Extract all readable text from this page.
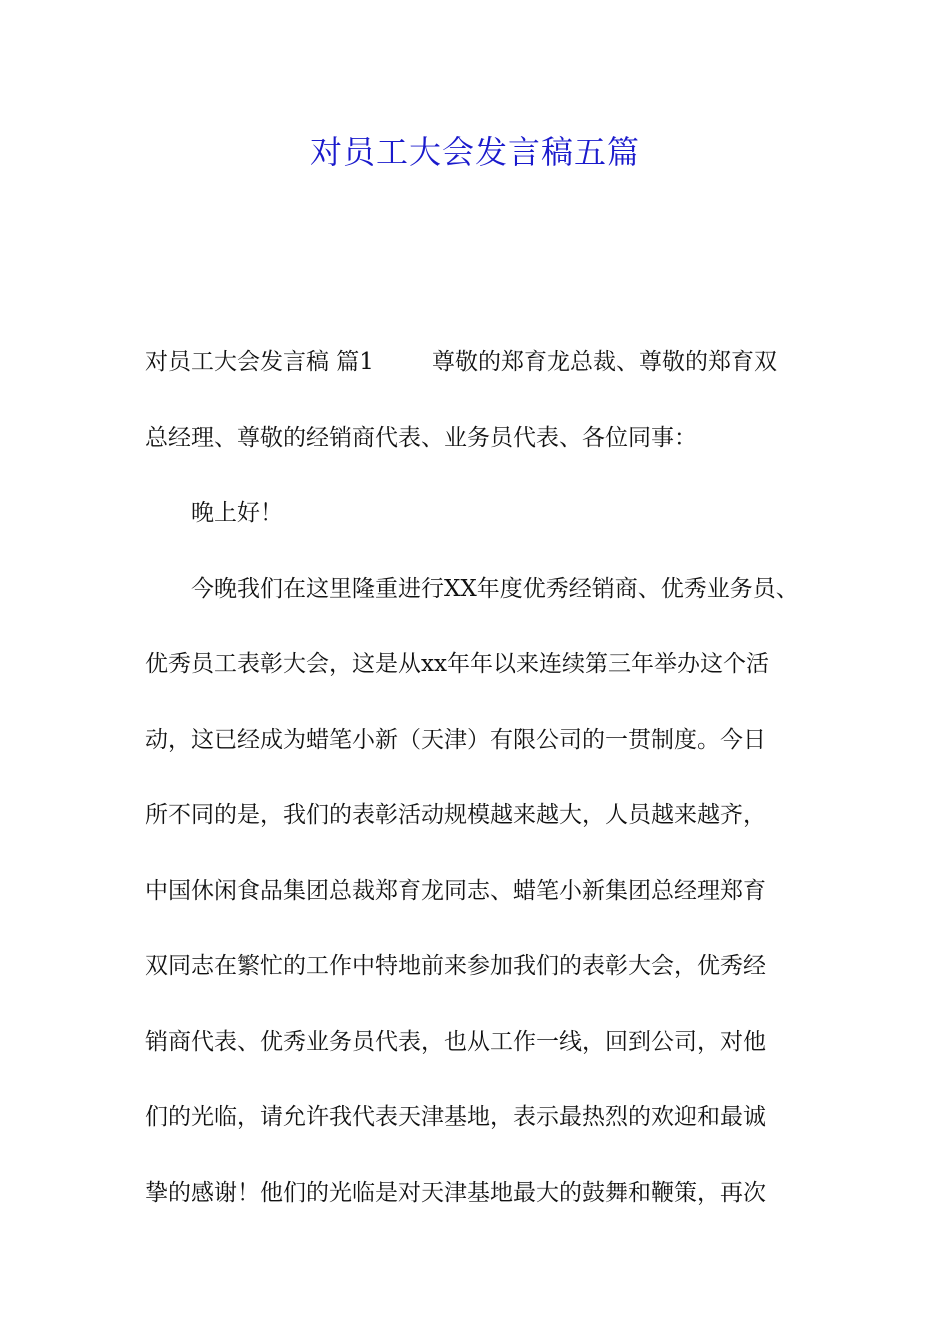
对员工大会发言稿五篇
对员工大会发言稿 篇1	尊敬的郑育龙总裁、尊敬的郑育双
总经理、尊敬的经销商代表、业务员代表、各位同事：
晚上好！
今晚我们在这里隆重进行XX年度优秀经销商、优秀业务员、
优秀员工表彰大会，这是从xx年年以来连续第三年举办这个活
动，这已经成为蜡笔小新（天津）有限公司的一贯制度。今日
所不同的是，我们的表彰活动规模越来越大，人员越来越齐，
中国休闲食品集团总裁郑育龙同志、蜡笔小新集团总经理郑育
双同志在繁忙的工作中特地前来参加我们的表彰大会，优秀经
销商代表、优秀业务员代表，也从工作一线，回到公司，对他
们的光临，请允许我代表天津基地，表示最热烈的欢迎和最诚
挚的感谢！他们的光临是对天津基地最大的鼓舞和鞭策，再次
